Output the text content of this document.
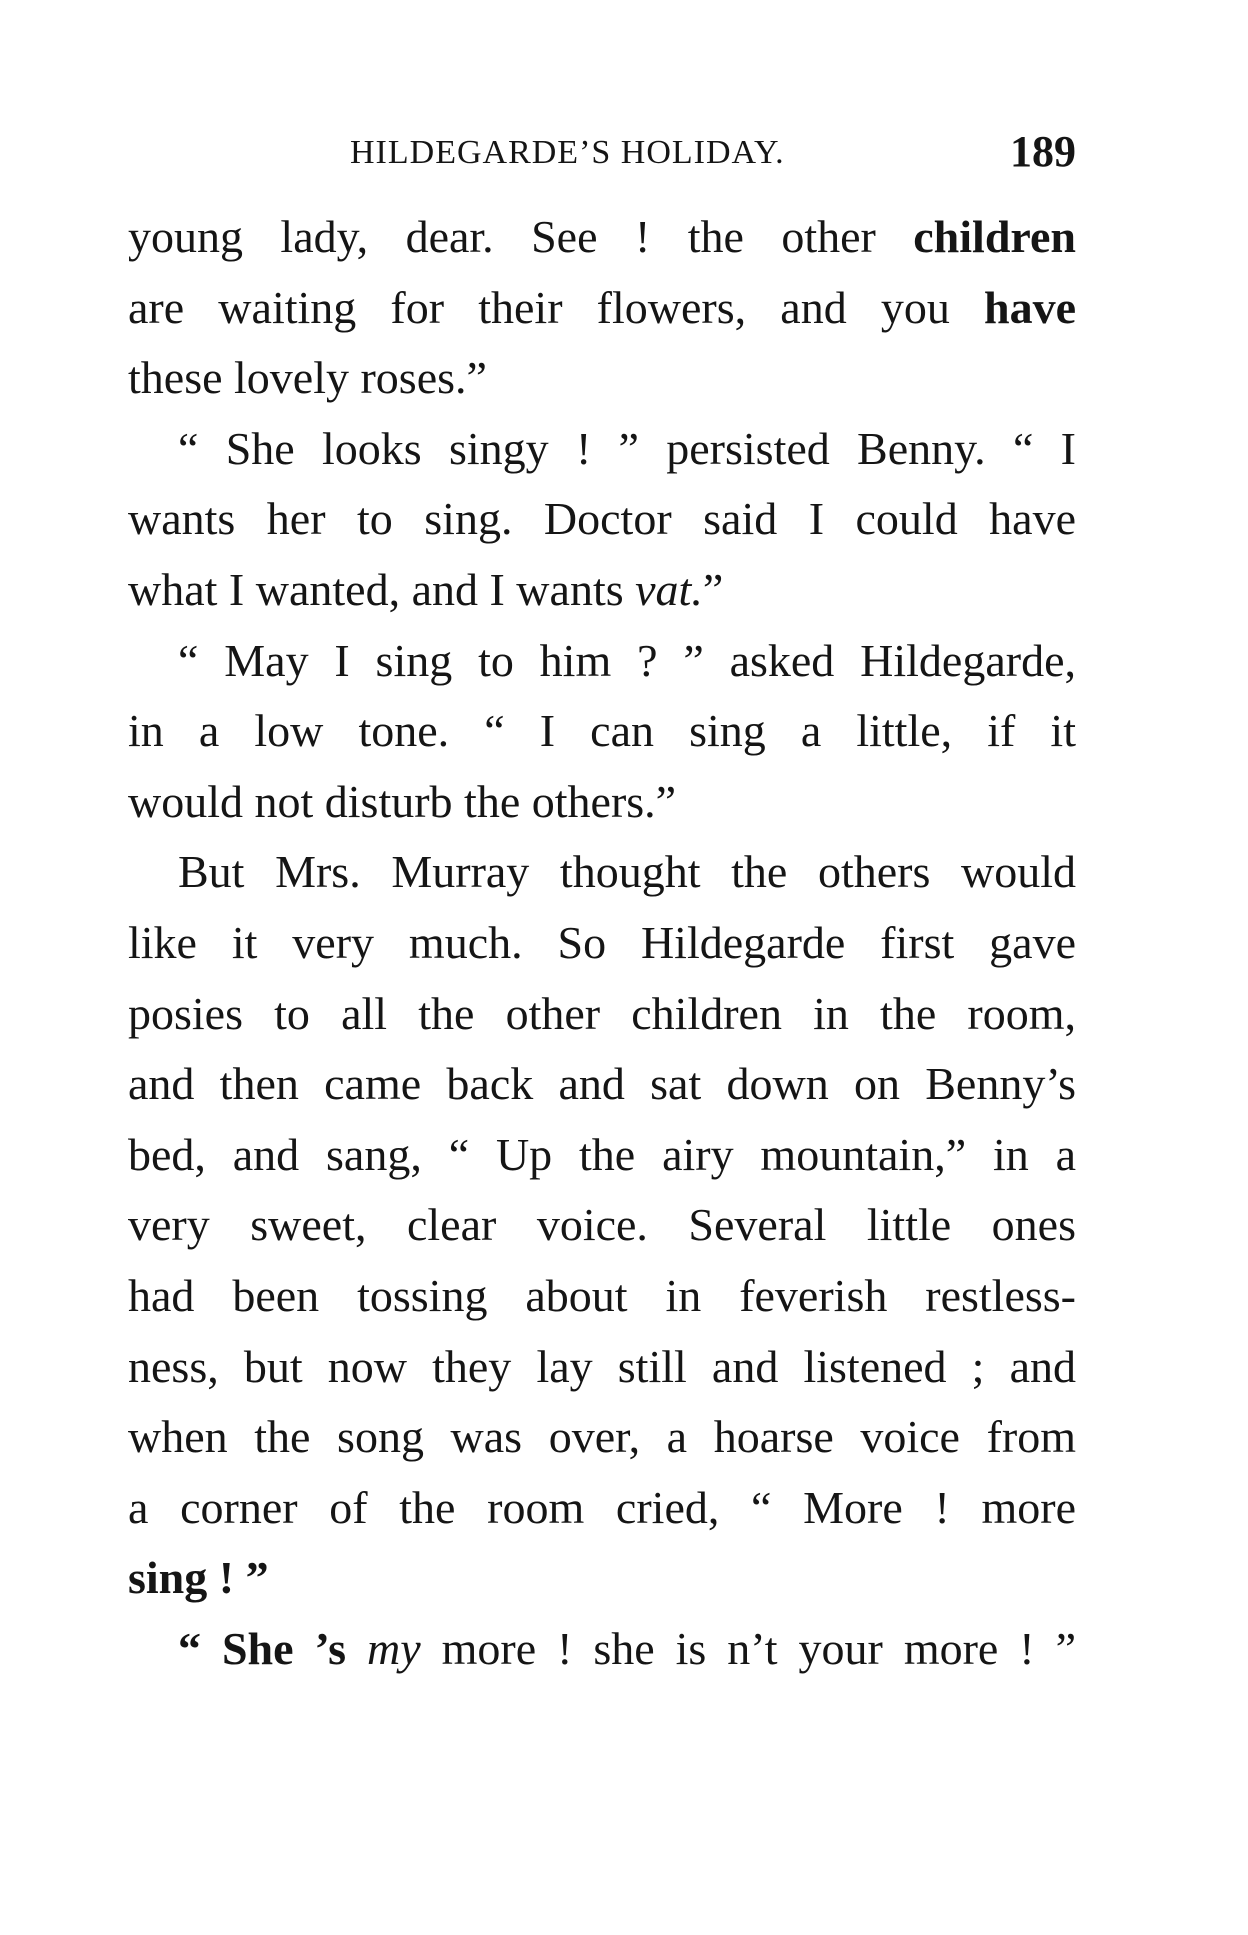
HILDEGARDE’S HOLIDAY.	189
young lady, dear. See ! the other children
are waiting for their flowers, and you have
these lovely roses.”
“ She looks singy ! ” persisted Benny. “ I
wants her to sing. Doctor said I could have
what I wanted, and I wants vat.”
“ May I sing to him ? ” asked Hildegarde,
in a low tone. “ I can sing a little, if it
would not disturb the others.”
But Mrs. Murray thought the others would
like it very much. So Hildegarde first gave
posies to all the other children in the room,
and then came back and sat down on Benny’s
bed, and sang, “ Up the airy mountain,” in a
very sweet, clear voice. Several little ones
had been tossing about in feverish restless-
ness, but now they lay still and listened ; and
when the song was over, a hoarse voice from
a corner of the room cried, “ More ! more
sing ! ”
“ She ’s my more ! she is n’t your more ! ”
